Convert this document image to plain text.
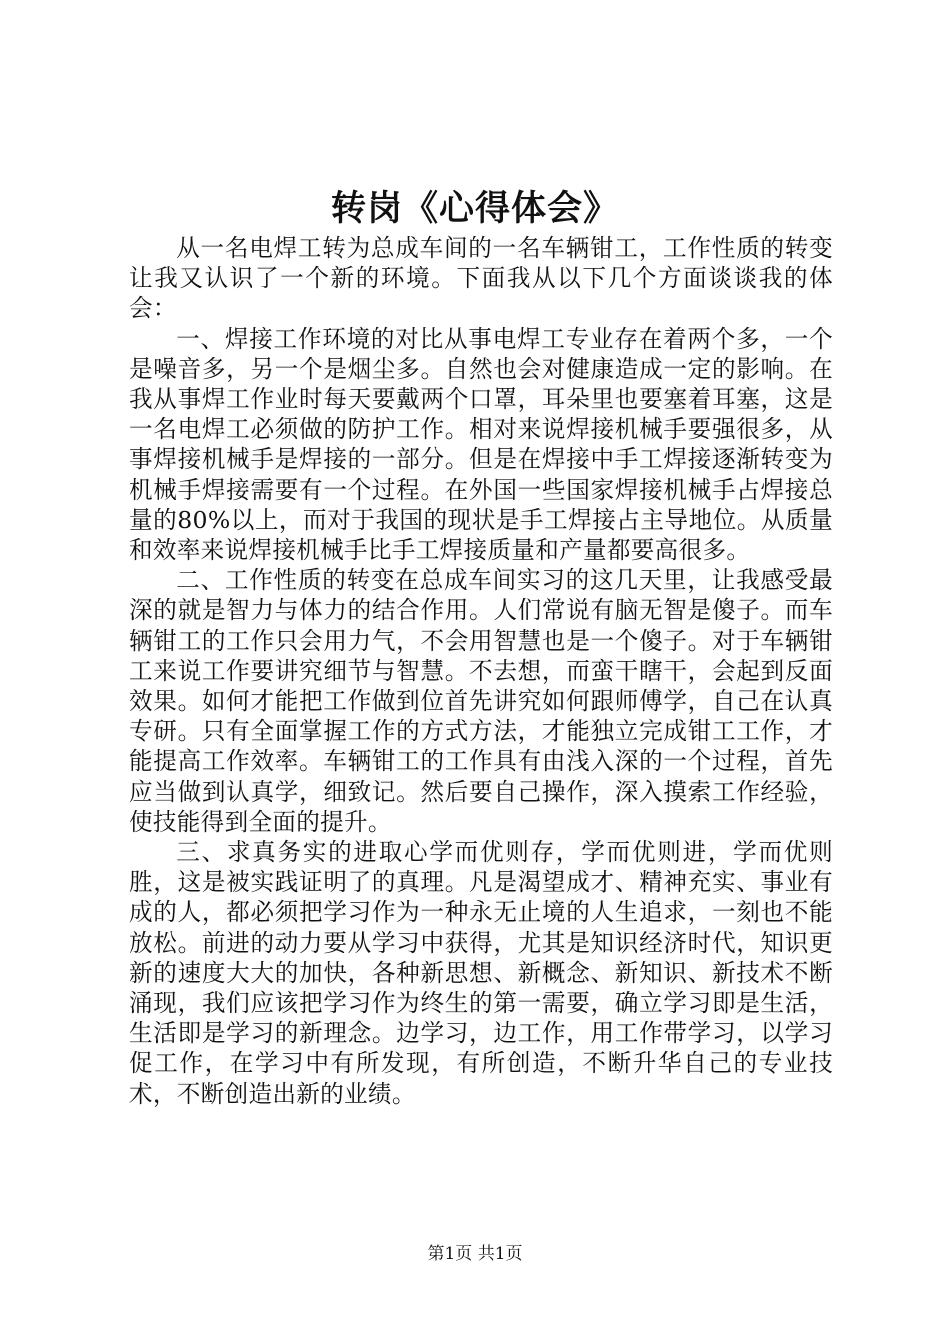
转岗《心得体会》

从一名电焊工转为总成车间的一名车辆钳工，工作性质的转变让我又认识了一个新的环境。下面我从以下几个方面谈谈我的体会：

一、焊接工作环境的对比从事电焊工专业存在着两个多，一个是噪音多，另一个是烟尘多。自然也会对健康造成一定的影响。在我从事焊工作业时每天要戴两个口罩，耳朵里也要塞着耳塞，这是一名电焊工必须做的防护工作。相对来说焊接机械手要强很多，从事焊接机械手是焊接的一部分。但是在焊接中手工焊接逐渐转变为机械手焊接需要有一个过程。在外国一些国家焊接机械手占焊接总量的80%以上，而对于我国的现状是手工焊接占主导地位。从质量和效率来说焊接机械手比手工焊接质量和产量都要高很多。

二、工作性质的转变在总成车间实习的这几天里，让我感受最深的就是智力与体力的结合作用。人们常说有脑无智是傻子。而车辆钳工的工作只会用力气，不会用智慧也是一个傻子。对于车辆钳工来说工作要讲究细节与智慧。不去想，而蛮干瞎干，会起到反面效果。如何才能把工作做到位首先讲究如何跟师傅学，自己在认真专研。只有全面掌握工作的方式方法，才能独立完成钳工工作，才能提高工作效率。车辆钳工的工作具有由浅入深的一个过程，首先应当做到认真学，细致记。然后要自己操作，深入摸索工作经验，使技能得到全面的提升。

三、求真务实的进取心学而优则存，学而优则进，学而优则胜，这是被实践证明了的真理。凡是渴望成才、精神充实、事业有成的人，都必须把学习作为一种永无止境的人生追求，一刻也不能放松。前进的动力要从学习中获得，尤其是知识经济时代，知识更新的速度大大的加快，各种新思想、新概念、新知识、新技术不断涌现，我们应该把学习作为终生的第一需要，确立学习即是生活，生活即是学习的新理念。边学习，边工作，用工作带学习，以学习促工作，在学习中有所发现，有所创造，不断升华自己的专业技术，不断创造出新的业绩。

第1页 共1页
